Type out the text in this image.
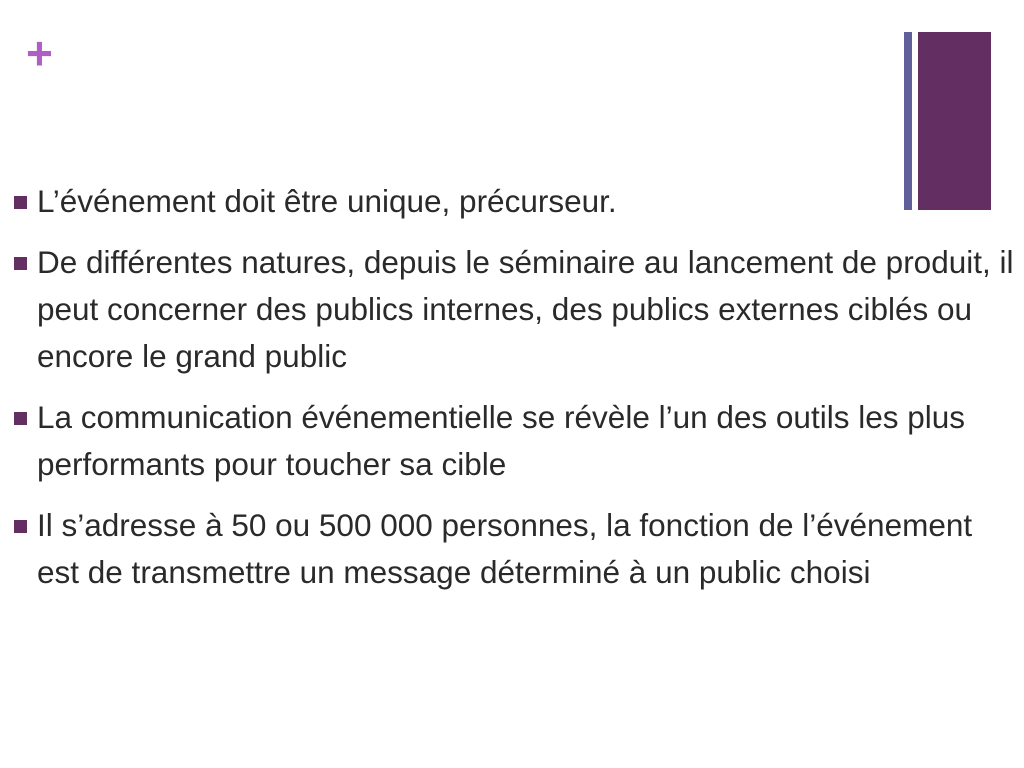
+
L’événement doit être unique, précurseur.
De différentes natures, depuis le séminaire au lancement de produit, il peut concerner des publics internes, des publics externes ciblés ou encore le grand public
La communication événementielle se révèle l’un des outils les plus performants pour toucher sa cible
Il s’adresse à 50 ou 500 000 personnes, la fonction de l’événement est de transmettre un message déterminé à un public choisi
